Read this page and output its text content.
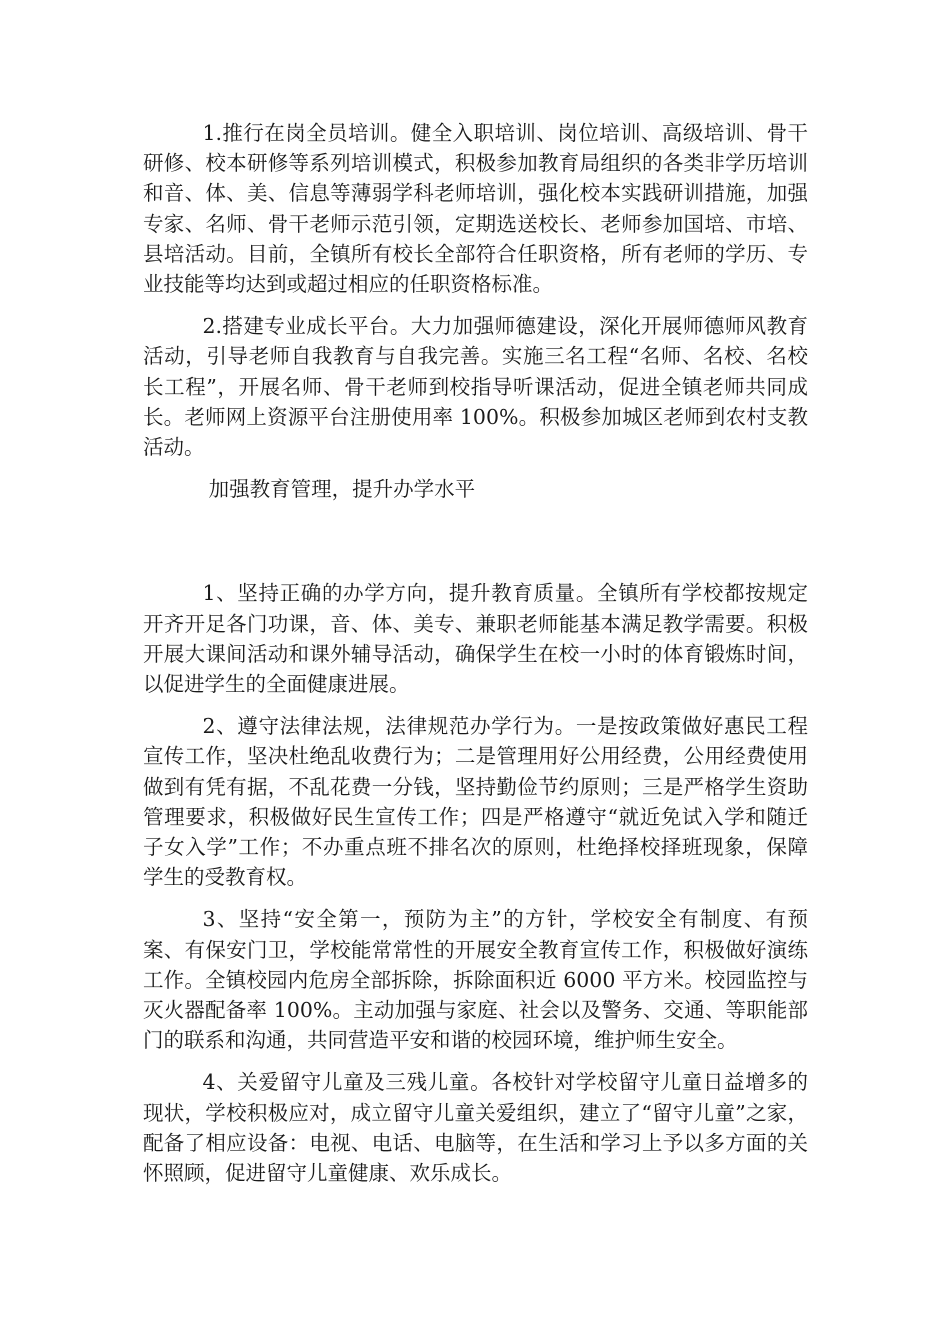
1.推行在岗全员培训。健全入职培训、岗位培训、高级培训、骨干研修、校本研修等系列培训模式，积极参加教育局组织的各类非学历培训和音、体、美、信息等薄弱学科老师培训，强化校本实践研训措施，加强专家、名师、骨干老师示范引领，定期选送校长、老师参加国培、市培、县培活动。目前，全镇所有校长全部符合任职资格，所有老师的学历、专业技能等均达到或超过相应的任职资格标准。

2.搭建专业成长平台。大力加强师德建设，深化开展师德师风教育活动，引导老师自我教育与自我完善。实施三名工程“名师、名校、名校长工程”，开展名师、骨干老师到校指导听课活动，促进全镇老师共同成长。老师网上资源平台注册使用率 100%。积极参加城区老师到农村支教活动。

加强教育管理，提升办学水平

1、坚持正确的办学方向，提升教育质量。全镇所有学校都按规定开齐开足各门功课，音、体、美专、兼职老师能基本满足教学需要。积极开展大课间活动和课外辅导活动，确保学生在校一小时的体育锻炼时间，以促进学生的全面健康进展。

2、遵守法律法规，法律规范办学行为。一是按政策做好惠民工程宣传工作，坚决杜绝乱收费行为；二是管理用好公用经费，公用经费使用做到有凭有据，不乱花费一分钱，坚持勤俭节约原则；三是严格学生资助管理要求，积极做好民生宣传工作；四是严格遵守“就近免试入学和随迁子女入学”工作；不办重点班不排名次的原则，杜绝择校择班现象，保障学生的受教育权。

3、坚持“安全第一，预防为主”的方针，学校安全有制度、有预案、有保安门卫，学校能常常性的开展安全教育宣传工作，积极做好演练工作。全镇校园内危房全部拆除，拆除面积近 6000 平方米。校园监控与灭火器配备率 100%。主动加强与家庭、社会以及警务、交通、等职能部门的联系和沟通，共同营造平安和谐的校园环境，维护师生安全。

4、关爱留守儿童及三残儿童。各校针对学校留守儿童日益增多的现状，学校积极应对，成立留守儿童关爱组织，建立了“留守儿童”之家，配备了相应设备：电视、电话、电脑等，在生活和学习上予以多方面的关怀照顾，促进留守儿童健康、欢乐成长。
